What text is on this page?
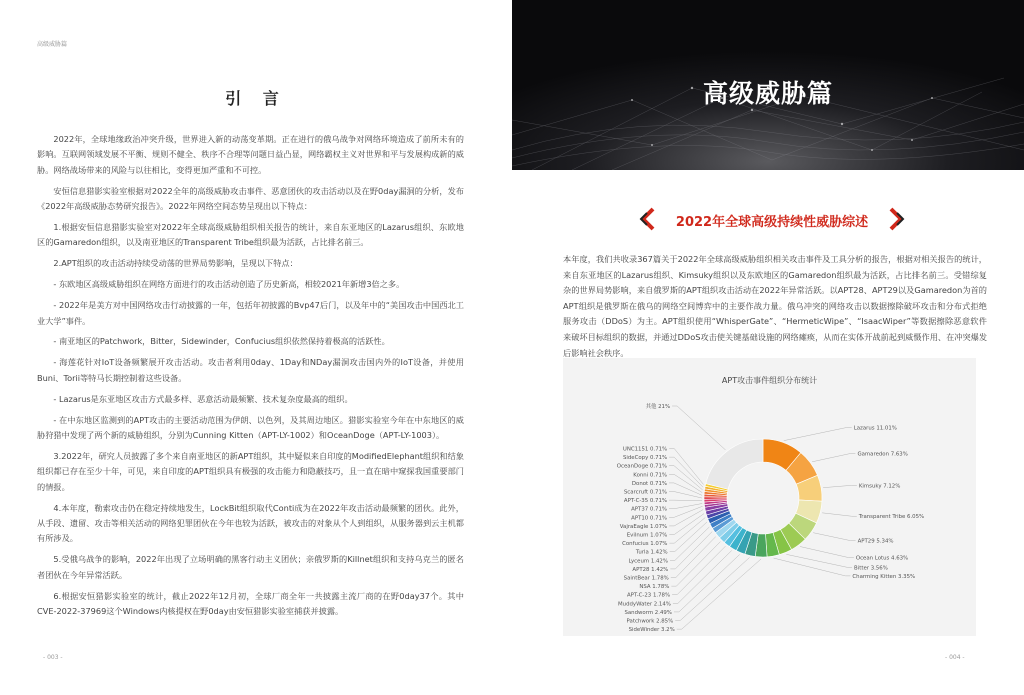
高级威胁篇
引 言

2022年，全球地缘政治冲突升级，世界进入新的动荡变革期。正在进行的俄乌战争对网络环境造成了前所未有的影响。互联网领域发展不平衡、规则不健全、秩序不合理等问题日益凸显，网络霸权主义对世界和平与发展构成新的威胁。网络战场带来的风险与以往相比，变得更加严重和不可控。

安恒信息猎影实验室根据对2022全年的高级威胁攻击事件、恶意团伙的攻击活动以及在野0day漏洞的分析，发布《2022年高级威胁态势研究报告》。2022年网络空间态势呈现出以下特点：

1.根据安恒信息猎影实验室对2022年全球高级威胁组织相关报告的统计，来自东亚地区的Lazarus组织、东欧地区的Gamaredon组织，以及南亚地区的Transparent Tribe组织最为活跃，占比排名前三。

2.APT组织的攻击活动持续受动荡的世界局势影响，呈现以下特点：

- 东欧地区高级威胁组织在网络方面进行的攻击活动创造了历史新高，相较2021年新增3倍之多。

- 2022年是美方对中国网络攻击行动披露的一年，包括年初披露的Bvp47后门，以及年中的“美国攻击中国西北工业大学”事件。

- 南亚地区的Patchwork，Bitter，Sidewinder，Confucius组织依然保持着极高的活跃性。

- 海莲花针对IoT设备频繁展开攻击活动。攻击者利用0day、1Day和NDay漏洞攻击国内外的IoT设备，并使用Buni、Torii等特马长期控制着这些设备。

- Lazarus是东亚地区攻击方式最多样、恶意活动最频繁、技术复杂度最高的组织。

- 在中东地区监测到的APT攻击的主要活动范围为伊朗、以色列，及其周边地区。猎影实验室今年在中东地区的威胁狩猎中发现了两个新的威胁组织，分别为Cunning Kitten（APT-LY-1002）和OceanDoge（APT-LY-1003）。

3.2022年，研究人员披露了多个来自南亚地区的新APT组织，其中疑似来自印度的ModifiedElephant组织和结象组织都已存在至少十年，可见，来自印度的APT组织具有极强的攻击能力和隐蔽技巧，且一直在暗中窥探我国重要部门的情报。

4.本年度，勒索攻击仍在稳定持续地发生，LockBit组织取代Conti成为在2022年攻击活动最频繁的团伙。此外，从手段、遗留、攻击等相关活动的网络犯罪团伙在今年也较为活跃，被攻击的对象从个人到组织，从服务器到云主机都有所涉及。

5.受俄乌战争的影响，2022年出现了立场明确的黑客行动主义团伙；亲俄罗斯的Killnet组织和支持乌克兰的匿名者团伙在今年异常活跃。

6.根据安恒猎影实验室的统计，截止2022年12月初，全球厂商全年一共披露主流厂商的在野0day37个。其中CVE-2022-37969这个Windows内核提权在野0day由安恒猎影实验室捕获并披露。

- 003 -
高级威胁篇
2022年全球高级持续性威胁综述

本年度，我们共收录367篇关于2022年全球高级威胁组织相关攻击事件及工具分析的报告，根据对相关报告的统计，来自东亚地区的Lazarus组织、Kimsuky组织以及东欧地区的Gamaredon组织最为活跃，占比排名前三。受错综复杂的世界局势影响，来自俄罗斯的APT组织攻击活动在2022年异常活跃。以APT28、APT29以及Gamaredon为首的APT组织是俄罗斯在俄乌的网络空间博弈中的主要作战力量。俄乌冲突的网络攻击以数据擦除破坏攻击和分布式拒绝服务攻击（DDoS）为主。APT组织使用“WhisperGate”、“HermeticWipe”、“IsaacWiper”等数据擦除恶意软件来破坏目标组织的数据，并通过DDoS攻击使关键基础设施的网络瘫痪，从而在实体开战前起到威慑作用、在冲突爆发后影响社会秩序。

APT攻击事件组织分布统计
Lazarus 11.01%
Gamaredon 7.63%
Kimsuky 7.12%
Transparent Tribe 6.05%
APT29 5.34%
Ocean Lotus 4.63%
Bitter 3.56%
Charming Kitten 3.35%
其他 21%
UNC1151 0.71%
SideCopy 0.71%
OceanDoge 0.71%
Konni 0.71%
Donot 0.71%
Scarcruft 0.71%
APT-C-35 0.71%
APT37 0.71%
APT10 0.71%
VajraEagle 1.07%
Evilnum 1.07%
Confucius 1.07%
Turla 1.42%
Lyceum 1.42%
APT28 1.42%
SaintBear 1.78%
NSA 1.78%
APT-C-23 1.78%
MuddyWater 2.14%
Sandworm 2.49%
Patchwork 2.85%
SideWinder 3.2%
- 004 -
